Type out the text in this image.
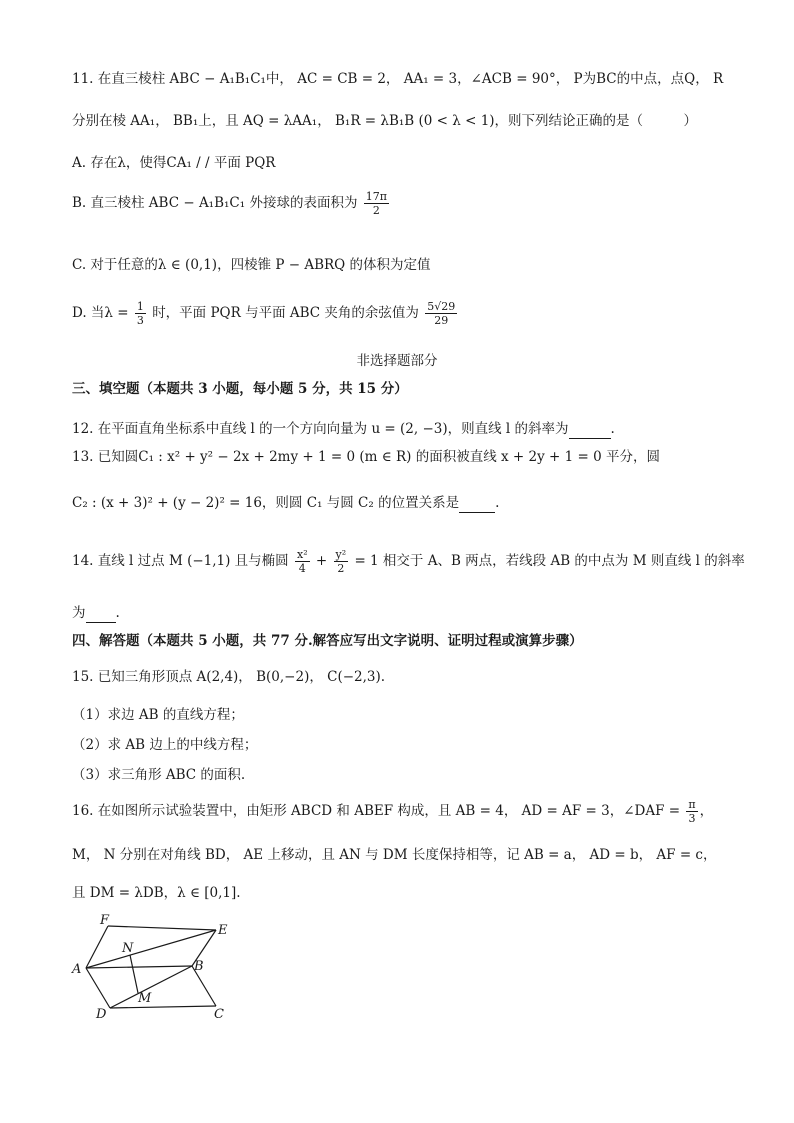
11. 在直三棱柱 ABC − A₁B₁C₁中， AC = CB = 2， AA₁ = 3，∠ACB = 90°， P为BC的中点，点Q， R
分别在棱 AA₁， BB₁上，且 AQ = λAA₁， B₁R = λB₁B (0 < λ < 1)，则下列结论正确的是（　　　）
A. 存在λ，使得CA₁ / / 平面 PQR
B. 直三棱柱 ABC − A₁B₁C₁ 外接球的表面积为 $\frac{17\pi}{2}$
C. 对于任意的λ ∈ (0,1)，四棱锥 P − ABRQ 的体积为定值
D. 当$\lambda = \frac{1}{3}$ 时，平面 PQR 与平面 ABC 夹角的余弦值为 $\frac{5√29}{29}$
非选择题部分
三、填空题（本题共 3 小题，每小题 5 分，共 15 分）
12. 在平面直角坐标系中直线 l 的一个方向向量为 u = (2, −3)，则直线 l 的斜率为	.
13. 已知圆C₁ : x² + y² − 2x + 2my + 1 = 0 (m ∈ R) 的面积被直线 x + 2y + 1 = 0 平分，圆
C₂ : (x + 3)² + (y − 2)² = 16，则圆 C₁ 与圆 C₂ 的位置关系是	.
14. 直线 l 过点 M (−1,1) 且与椭圆 $\frac{\text{x²}}{4} + \frac{\text{y²}}{2} = 1$ 相交于 A、B 两点，若线段 AB 的中点为 M 则直线 l 的斜率
为 .
四、解答题（本题共 5 小题，共 77 分.解答应写出文字说明、证明过程或演算步骤）
15. 已知三角形顶点 A(2,4)， B(0,−2)， C(−2,3).
（1）求边 AB 的直线方程；
（2）求 AB 边上的中线方程；
（3）求三角形 ABC 的面积.
16. 在如图所示试验装置中，由矩形 ABCD 和 ABEF 构成，且 AB = 4， AD = AF = 3，∠DAF = $\frac{\pi}{3}$ ，
M， N 分别在对角线 BD， AE 上移动，且 AN 与 DM 长度保持相等，记 AB = a， AD = b， AF = c，
且 DM = λDB，λ ∈ [0,1].
F
E
N
A	B
M
D	C
